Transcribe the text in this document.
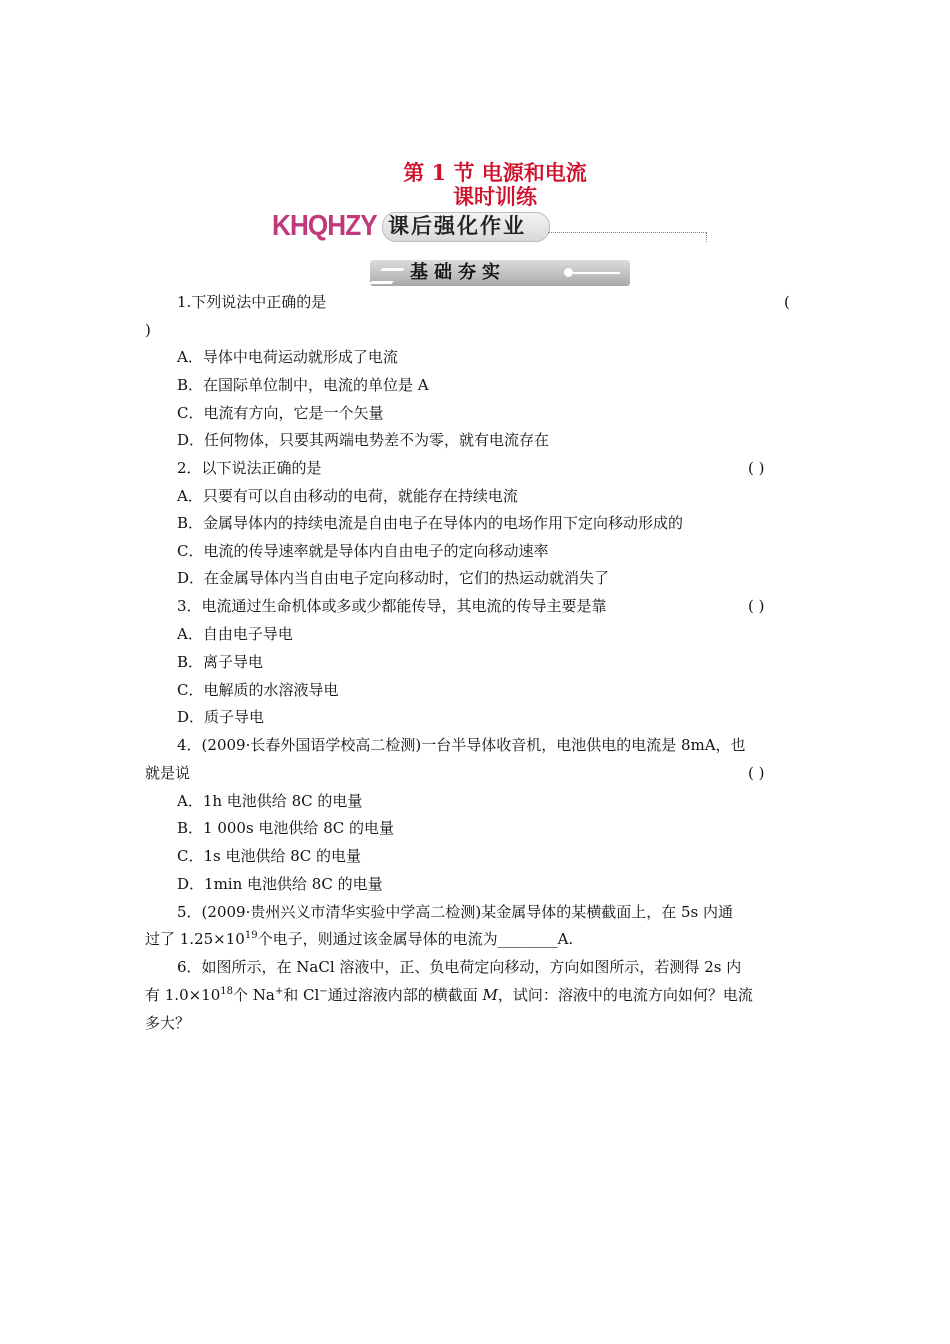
第 1 节 电源和电流
课时训练
KHQHZY 课后强化作业
基础夯实
1.下列说法中正确的是	(
)
A．导体中电荷运动就形成了电流
B．在国际单位制中，电流的单位是 A
C．电流有方向，它是一个矢量
D．任何物体，只要其两端电势差不为零，就有电流存在
2．以下说法正确的是	( )
A．只要有可以自由移动的电荷，就能存在持续电流
B．金属导体内的持续电流是自由电子在导体内的电场作用下定向移动形成的
C．电流的传导速率就是导体内自由电子的定向移动速率
D．在金属导体内当自由电子定向移动时，它们的热运动就消失了
3．电流通过生命机体或多或少都能传导，其电流的传导主要是靠	( )
A．自由电子导电
B．离子导电
C．电解质的水溶液导电
D．质子导电
4．(2009·长春外国语学校高二检测)一台半导体收音机，电池供电的电流是 8mA，也
就是说	( )
A．1h 电池供给 8C 的电量
B．1 000s 电池供给 8C 的电量
C．1s 电池供给 8C 的电量
D．1min 电池供给 8C 的电量
5．(2009·贵州兴义市清华实验中学高二检测)某金属导体的某横截面上，在 5s 内通
过了 $1.25\times 10^{19}$个电子，则通过该金属导体的电流为________A.
6．如图所示，在 NaCl 溶液中，正、负电荷定向移动，方向如图所示，若测得 2s 内
有 $1.0\times 10^{18}$个 Na+和 Cl−通过溶液内部的横截面 M，试问：溶液中的电流方向如何？电流
多大？
